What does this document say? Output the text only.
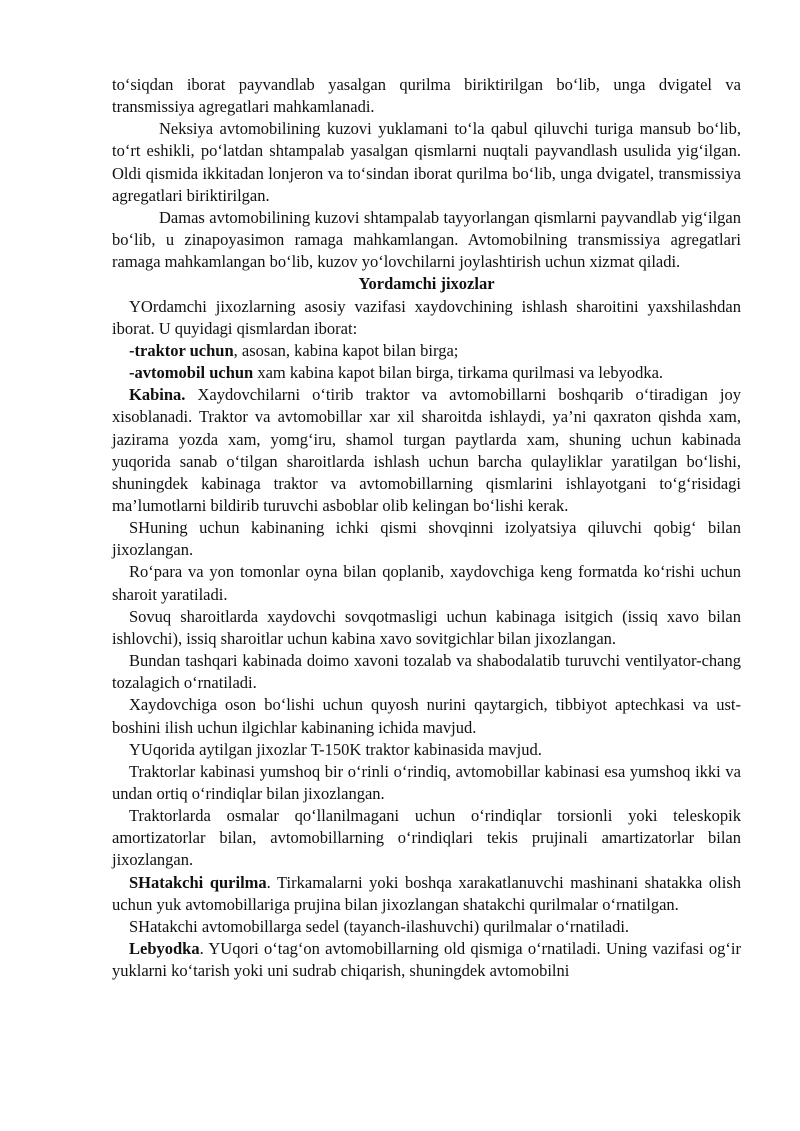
to‘siqdan iborat payvandlab yasalgan qurilma biriktirilgan bo‘lib, unga dvigatel va transmissiya agregatlari mahkamlanadi.

Neksiya avtomobilining kuzovi yuklamani to‘la qabul qiluvchi turiga mansub bo‘lib, to‘rt eshikli, po‘latdan shtampalab yasalgan qismlarni nuqtali payvandlash usulida yig‘ilgan. Oldi qismida ikkitadan lonjeron va to‘sindan iborat qurilma bo‘lib, unga dvigatel, transmissiya agregatlari biriktirilgan.

Damas avtomobilining kuzovi shtampalab tayyorlangan qismlarni payvandlab yig‘ilgan bo‘lib, u zinapoyasimon ramaga mahkamlangan. Avtomobilning transmissiya agregatlari ramaga mahkamlangan bo‘lib, kuzov yo‘lovchilarni joylashtirish uchun xizmat qiladi.

Yordamchi jixozlar

YOrdamchi jixozlarning asosiy vazifasi xaydovchining ishlash sharoitini yaxshilashdan iborat. U quyidagi qismlardan iborat:

-traktor uchun, asosan, kabina kapot bilan birga;

-avtomobil uchun xam kabina kapot bilan birga, tirkama qurilmasi va lebyodka.

Kabina. Xaydovchilarni o‘tirib traktor va avtomobillarni boshqarib o‘tiradigan joy xisoblanadi. Traktor va avtomobillar xar xil sharoitda ishlaydi, ya’ni qaxraton qishda xam, jazirama yozda xam, yomg‘iru, shamol turgan paytlarda xam, shuning uchun kabinada yuqorida sanab o‘tilgan sharoitlarda ishlash uchun barcha qulayliklar yaratilgan bo‘lishi, shuningdek kabinaga traktor va avtomobillarning qismlarini ishlayotgani to‘g‘risidagi ma’lumotlarni bildirib turuvchi asboblar olib kelingan bo‘lishi kerak.

SHuning uchun kabinaning ichki qismi shovqinni izolyatsiya qiluvchi qobig‘ bilan jixozlangan.

Ro‘para va yon tomonlar oyna bilan qoplanib, xaydovchiga keng formatda ko‘rishi uchun sharoit yaratiladi.

Sovuq sharoitlarda xaydovchi sovqotmasligi uchun kabinaga isitgich (issiq xavo bilan ishlovchi), issiq sharoitlar uchun kabina xavo sovitgichlar bilan jixozlangan.

Bundan tashqari kabinada doimo xavoni tozalab va shabodalatib turuvchi ventilyator-chang tozalagich o‘rnatiladi.

Xaydovchiga oson bo‘lishi uchun quyosh nurini qaytargich, tibbiyot aptechkasi va ust-boshini ilish uchun ilgichlar kabinaning ichida mavjud.

YUqorida aytilgan jixozlar T-150K traktor kabinasida mavjud.

Traktorlar kabinasi yumshoq bir o‘rinli o‘rindiq, avtomobillar kabinasi esa yumshoq ikki va undan ortiq o‘rindiqlar bilan jixozlangan.

Traktorlarda osmalar qo‘llanilmagani uchun o‘rindiqlar torsionli yoki teleskopik amortizatorlar bilan, avtomobillarning o‘rindiqlari tekis prujinali amartizatorlar bilan jixozlangan.

SHatakchi qurilma. Tirkamalarni yoki boshqa xarakatlanuvchi mashinani shatakka olish uchun yuk avtomobillariga prujina bilan jixozlangan shatakchi qurilmalar o‘rnatilgan.

SHatakchi avtomobillarga sedel (tayanch-ilashuvchi) qurilmalar o‘rnatiladi.

Lebyodka. YUqori o‘tag‘on avtomobillarning old qismiga o‘rnatiladi. Uning vazifasi og‘ir yuklarni ko‘tarish yoki uni sudrab chiqarish, shuningdek avtomobilni
